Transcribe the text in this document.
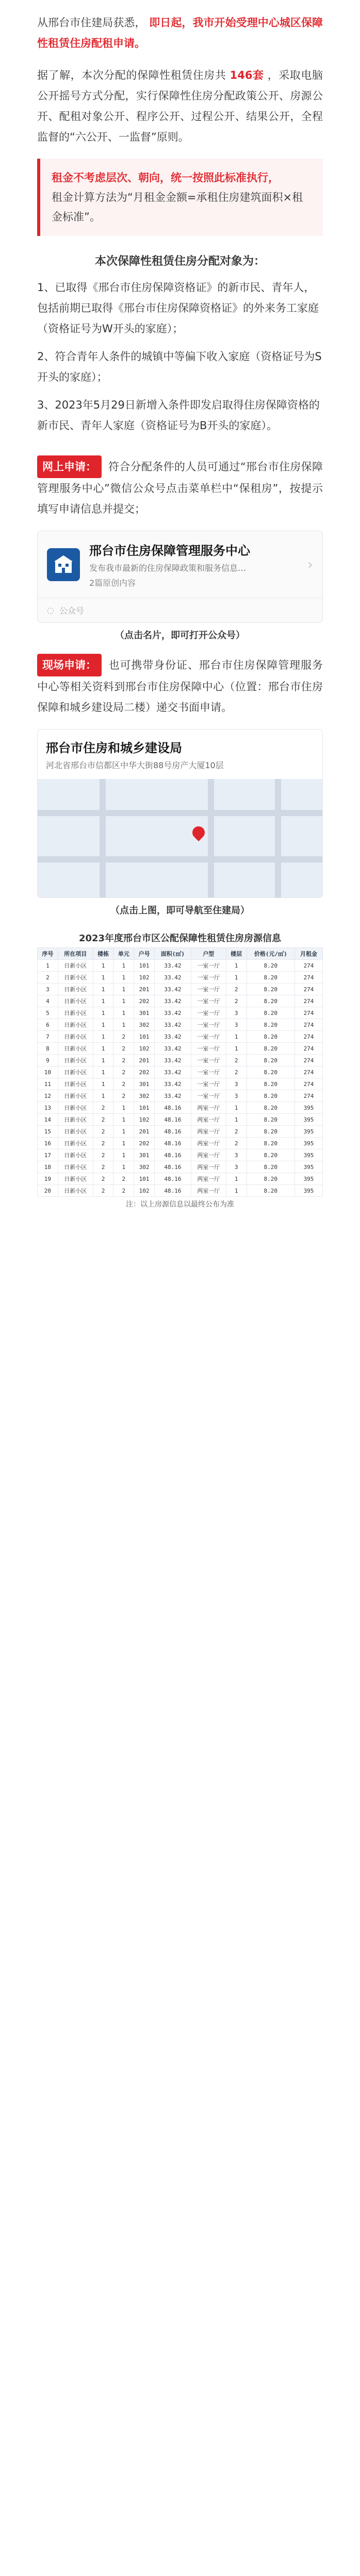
从邢台市住建局获悉， 即日起，我市开始受理中心城区保障性租赁住房配租申请。

据了解，本次分配的保障性租赁住房共 146套 ，采取电脑公开摇号方式分配，实行保障性住房分配政策公开、房源公开、配租对象公开、程序公开、过程公开、结果公开，全程监督的“六公开、一监督”原则。

租金不考虑层次、朝向，统一按照此标准执行，
租金计算方法为“月租金金额=承租住房建筑面积×租金标准”。
本次保障性租赁住房分配对象为：
1、已取得《邢台市住房保障资格证》的新市民、青年人，包括前期已取得《邢台市住房保障资格证》的外来务工家庭（资格证号为W开头的家庭）；
2、符合青年人条件的城镇中等偏下收入家庭（资格证号为S开头的家庭）；
3、2023年5月29日新增入条件即发启取得住房保障资格的新市民、青年人家庭（资格证号为B开头的家庭）。

网上申请： 符合分配条件的人员可通过“邢台市住房保障管理服务中心”微信公众号点击菜单栏中“保租房”，按提示填写申请信息并提交；

邢台市住房保障管理服务中心
发布我市最新的住房保障政策和服务信息…
2篇原创内容
›
◌ 公众号
（点击名片，即可打开公众号）

现场申请： 也可携带身份证、邢台市住房保障管理服务中心等相关资料到邢台市住房保障中心（位置：邢台市住房保障和城乡建设局二楼）递交书面申请。

邢台市住房和城乡建设局
河北省邢台市信都区中华大街88号房产大厦10层
（点击上图，即可导航至住建局）
2023年度邢台市区公配保障性租赁住房房源信息
序号	所在项目	楼栋	单元	户号	面积(㎡)	户型	楼层	价格(元/㎡)	月租金
1	日新小区	1	1	101	33.42	一室一厅	1	8.20	274
2	日新小区	1	1	102	33.42	一室一厅	1	8.20	274
3	日新小区	1	1	201	33.42	一室一厅	2	8.20	274
4	日新小区	1	1	202	33.42	一室一厅	2	8.20	274
5	日新小区	1	1	301	33.42	一室一厅	3	8.20	274
6	日新小区	1	1	302	33.42	一室一厅	3	8.20	274
7	日新小区	1	2	101	33.42	一室一厅	1	8.20	274
8	日新小区	1	2	102	33.42	一室一厅	1	8.20	274
9	日新小区	1	2	201	33.42	一室一厅	2	8.20	274
10	日新小区	1	2	202	33.42	一室一厅	2	8.20	274
11	日新小区	1	2	301	33.42	一室一厅	3	8.20	274
12	日新小区	1	2	302	33.42	一室一厅	3	8.20	274
13	日新小区	2	1	101	48.16	两室一厅	1	8.20	395
14	日新小区	2	1	102	48.16	两室一厅	1	8.20	395
15	日新小区	2	1	201	48.16	两室一厅	2	8.20	395
16	日新小区	2	1	202	48.16	两室一厅	2	8.20	395
17	日新小区	2	1	301	48.16	两室一厅	3	8.20	395
18	日新小区	2	1	302	48.16	两室一厅	3	8.20	395
19	日新小区	2	2	101	48.16	两室一厅	1	8.20	395
20	日新小区	2	2	102	48.16	两室一厅	1	8.20	395
注：以上房源信息以最终公布为准
